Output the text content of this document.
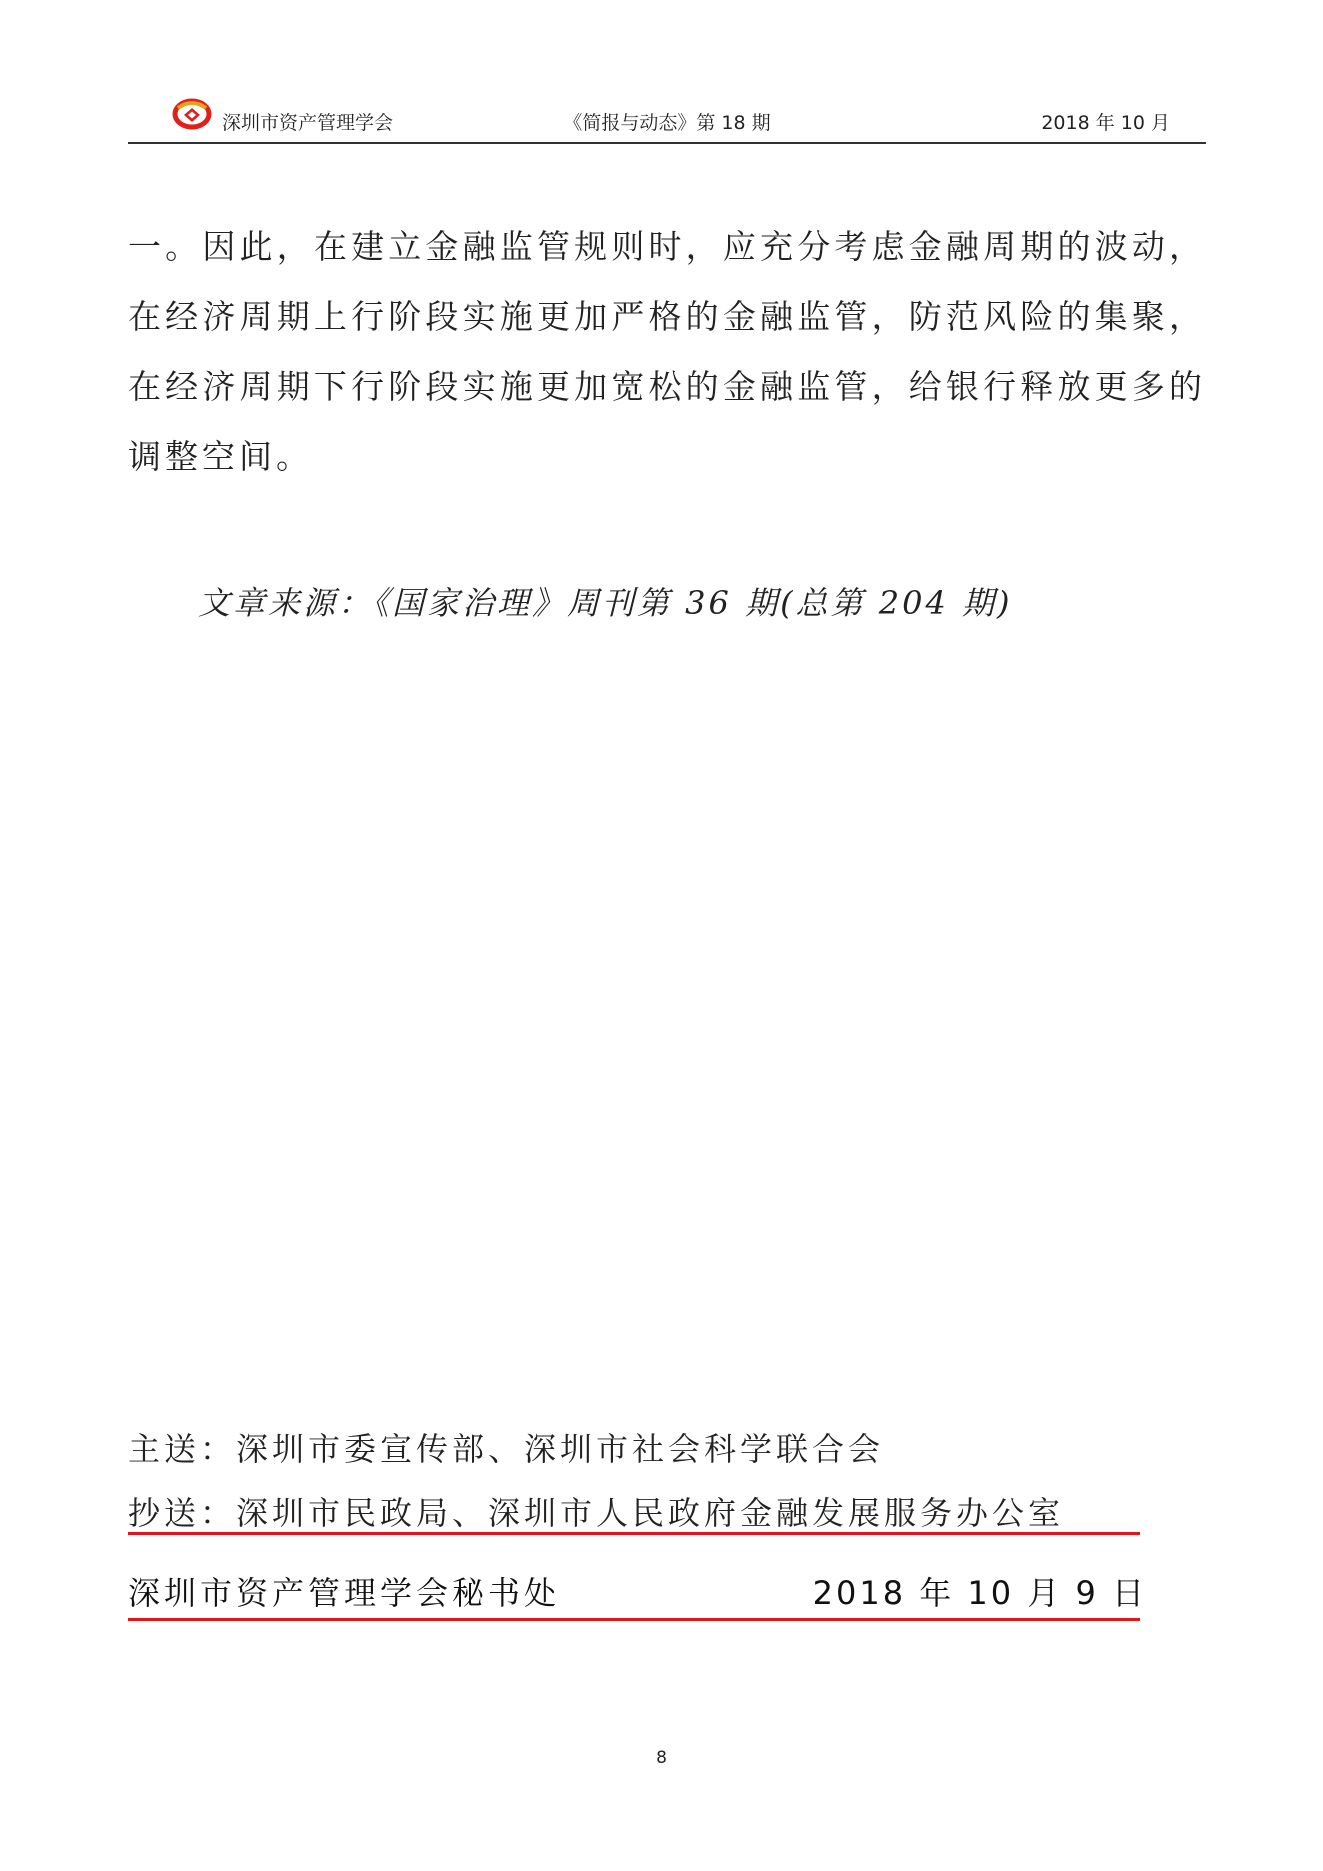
深圳市资产管理学会	《简报与动态》第 18 期	2018 年 10 月
一。因此，在建立金融监管规则时，应充分考虑金融周期的波动，在经济周期上行阶段实施更加严格的金融监管，防范风险的集聚，在经济周期下行阶段实施更加宽松的金融监管，给银行释放更多的调整空间。
文章来源：《国家治理》周刊第 36 期(总第 204 期)
主送：深圳市委宣传部、深圳市社会科学联合会
抄送：深圳市民政局、深圳市人民政府金融发展服务办公室
深圳市资产管理学会秘书处	2018 年 10 月 9 日
8
